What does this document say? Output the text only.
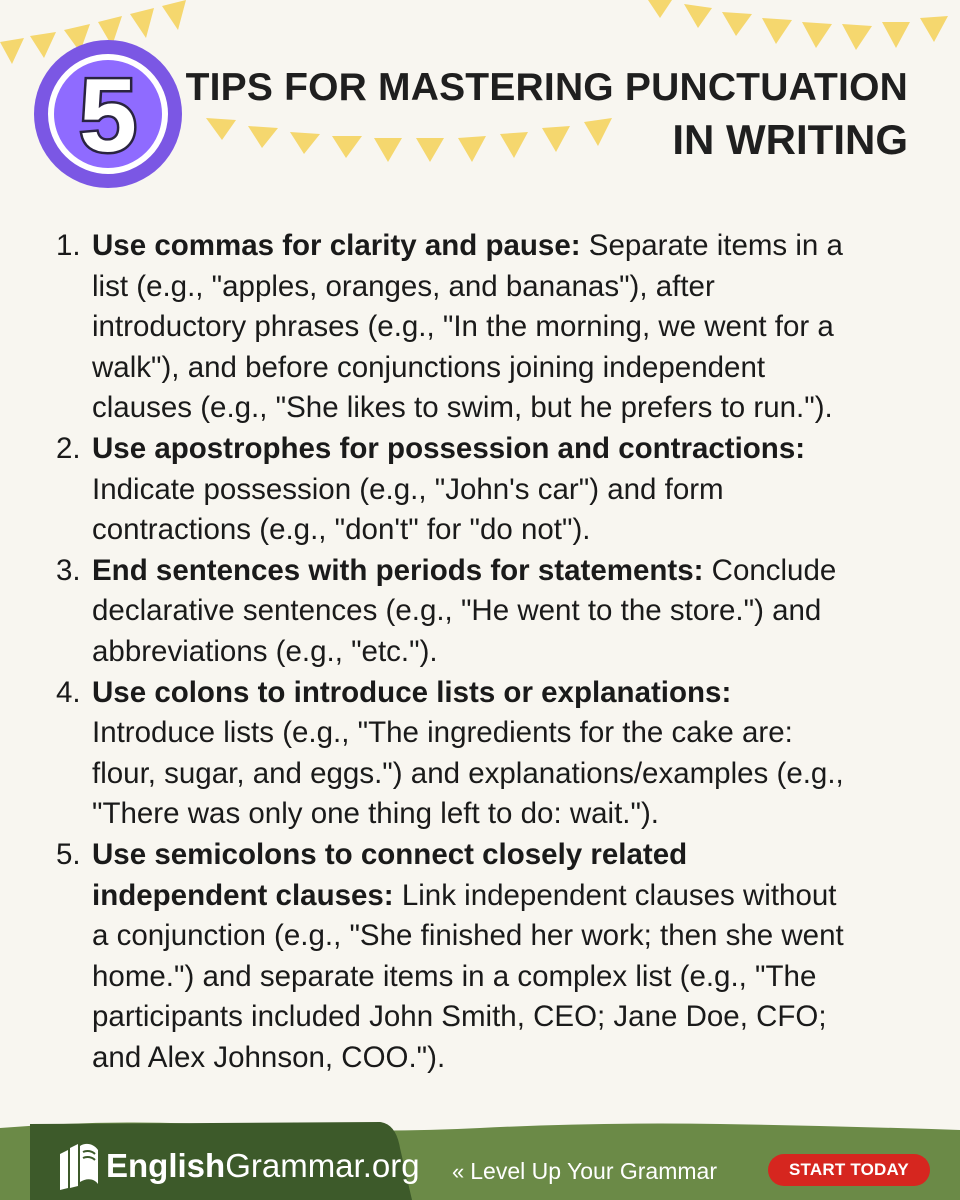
5 TIPS FOR MASTERING PUNCTUATION
IN WRITING
1. Use commas for clarity and pause: Separate items in a
list (e.g., "apples, oranges, and bananas"), after
introductory phrases (e.g., "In the morning, we went for a
walk"), and before conjunctions joining independent
clauses (e.g., "She likes to swim, but he prefers to run.").
2. Use apostrophes for possession and contractions:
Indicate possession (e.g., "John's car") and form
contractions (e.g., "don't" for "do not").
3. End sentences with periods for statements: Conclude
declarative sentences (e.g., "He went to the store.") and
abbreviations (e.g., "etc.").
4. Use colons to introduce lists or explanations:
Introduce lists (e.g., "The ingredients for the cake are:
flour, sugar, and eggs.") and explanations/examples (e.g.,
"There was only one thing left to do: wait.").
5. Use semicolons to connect closely related
independent clauses: Link independent clauses without
a conjunction (e.g., "She finished her work; then she went
home.") and separate items in a complex list (e.g., "The
participants included John Smith, CEO; Jane Doe, CFO;
and Alex Johnson, COO.").
English Grammar.org « Level Up Your Grammar	START TODAY
